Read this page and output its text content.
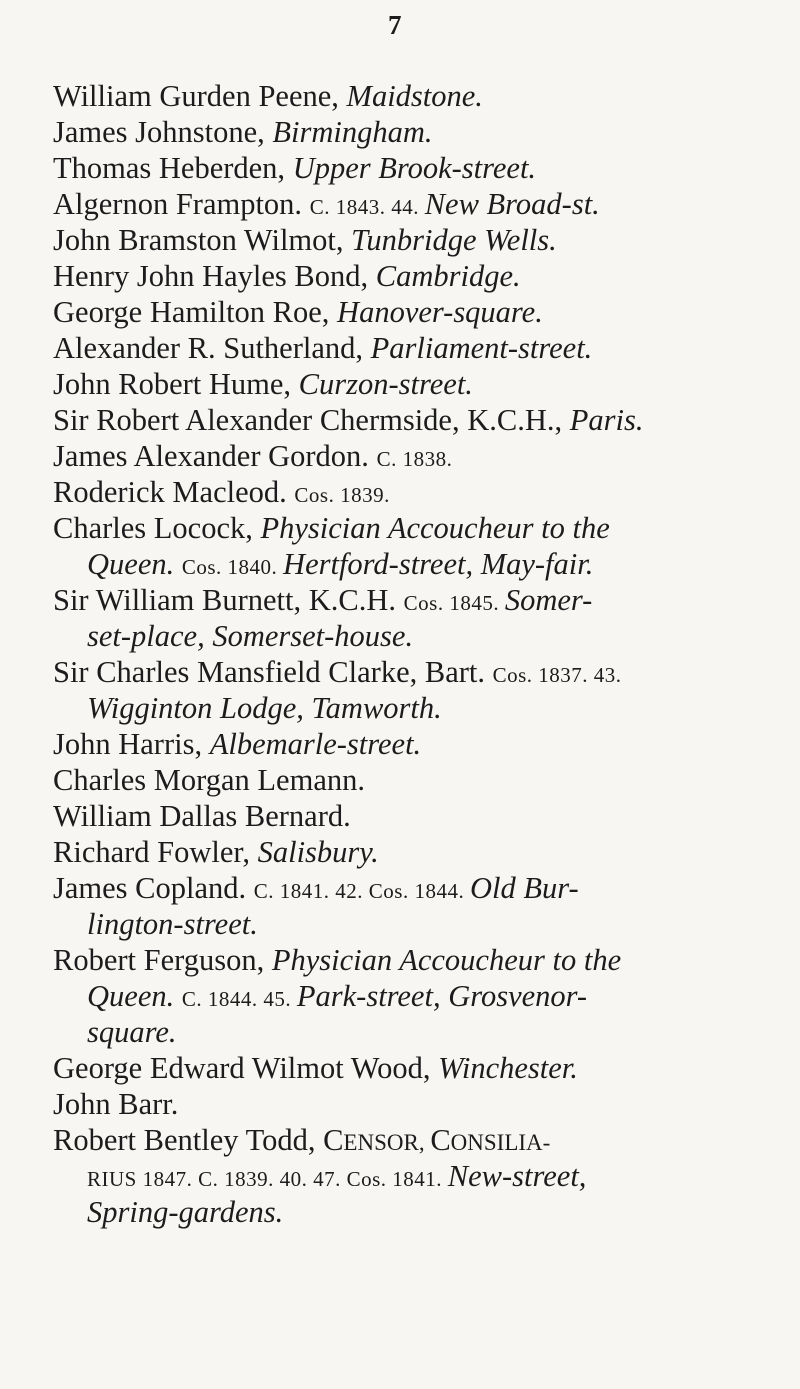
7
William Gurden Peene, Maidstone.
James Johnstone, Birmingham.
Thomas Heberden, Upper Brook-street.
Algernon Frampton. C. 1843. 44. New Broad-st.
John Bramston Wilmot, Tunbridge Wells.
Henry John Hayles Bond, Cambridge.
George Hamilton Roe, Hanover-square.
Alexander R. Sutherland, Parliament-street.
John Robert Hume, Curzon-street.
Sir Robert Alexander Chermside, K.C.H., Paris.
James Alexander Gordon. C. 1838.
Roderick Macleod. Cos. 1839.
Charles Locock, Physician Accoucheur to the
Queen. Cos. 1840. Hertford-street, May-fair.
Sir William Burnett, K.C.H. Cos. 1845. Somer-
set-place, Somerset-house.
Sir Charles Mansfield Clarke, Bart. Cos. 1837. 43.
Wigginton Lodge, Tamworth.
John Harris, Albemarle-street.
Charles Morgan Lemann.
William Dallas Bernard.
Richard Fowler, Salisbury.
James Copland. C. 1841. 42. Cos. 1844. Old Bur-
lington-street.
Robert Ferguson, Physician Accoucheur to the
Queen. C. 1844. 45. Park-street, Grosvenor-
square.
George Edward Wilmot Wood, Winchester.
John Barr.
Robert Bentley Todd, CENSOR, CONSILIA-
RIUS 1847. C. 1839. 40. 47. Cos. 1841. New-street,
Spring-gardens.
